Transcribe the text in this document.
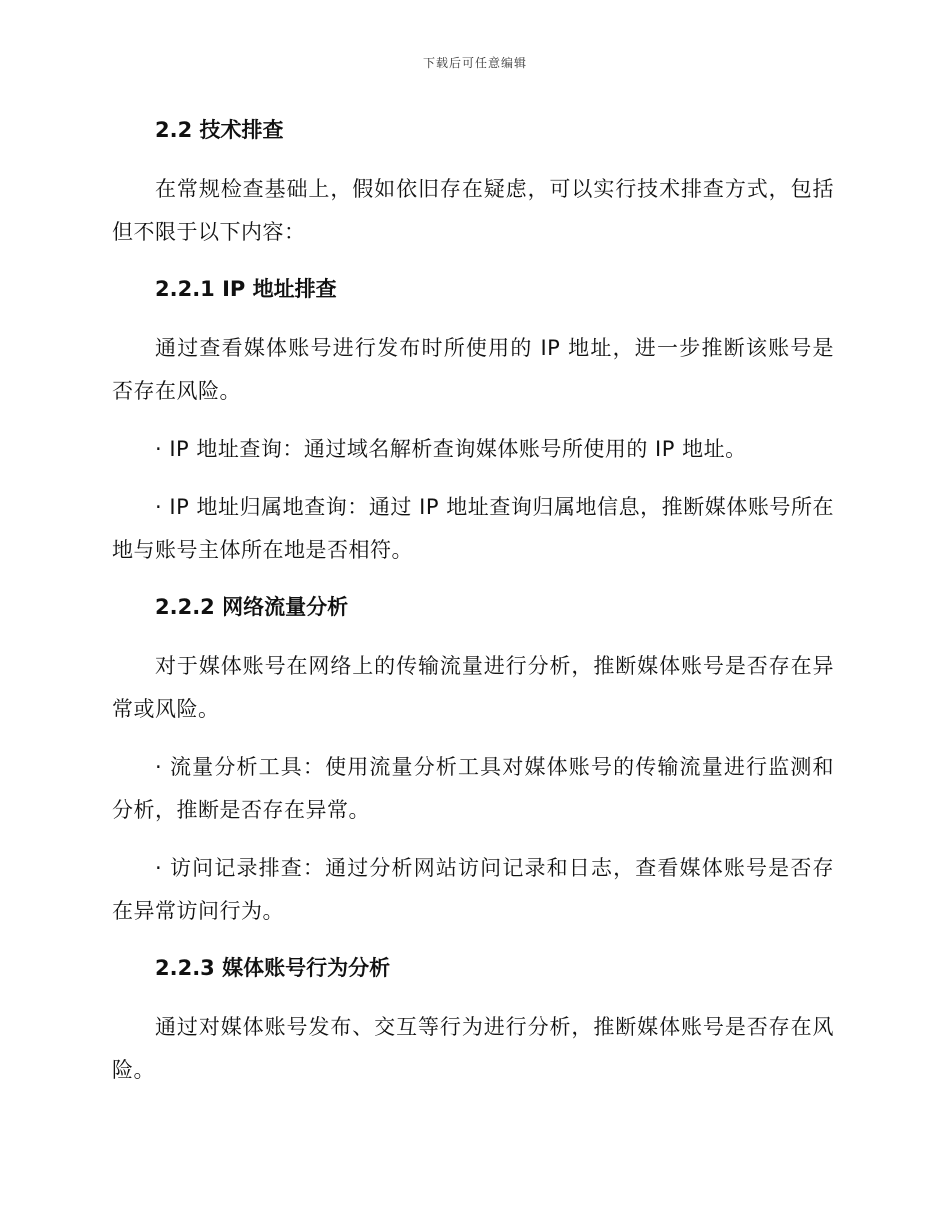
下载后可任意编辑
2.2 技术排查

在常规检查基础上，假如依旧存在疑虑，可以实行技术排查方式，包括但不限于以下内容：

2.2.1 IP 地址排查

通过查看媒体账号进行发布时所使用的 IP 地址，进一步推断该账号是否存在风险。

· IP 地址查询：通过域名解析查询媒体账号所使用的 IP 地址。

· IP 地址归属地查询：通过 IP 地址查询归属地信息，推断媒体账号所在地与账号主体所在地是否相符。

2.2.2 网络流量分析

对于媒体账号在网络上的传输流量进行分析，推断媒体账号是否存在异常或风险。

· 流量分析工具：使用流量分析工具对媒体账号的传输流量进行监测和分析，推断是否存在异常。

· 访问记录排查：通过分析网站访问记录和日志，查看媒体账号是否存在异常访问行为。

2.2.3 媒体账号行为分析

通过对媒体账号发布、交互等行为进行分析，推断媒体账号是否存在风险。
